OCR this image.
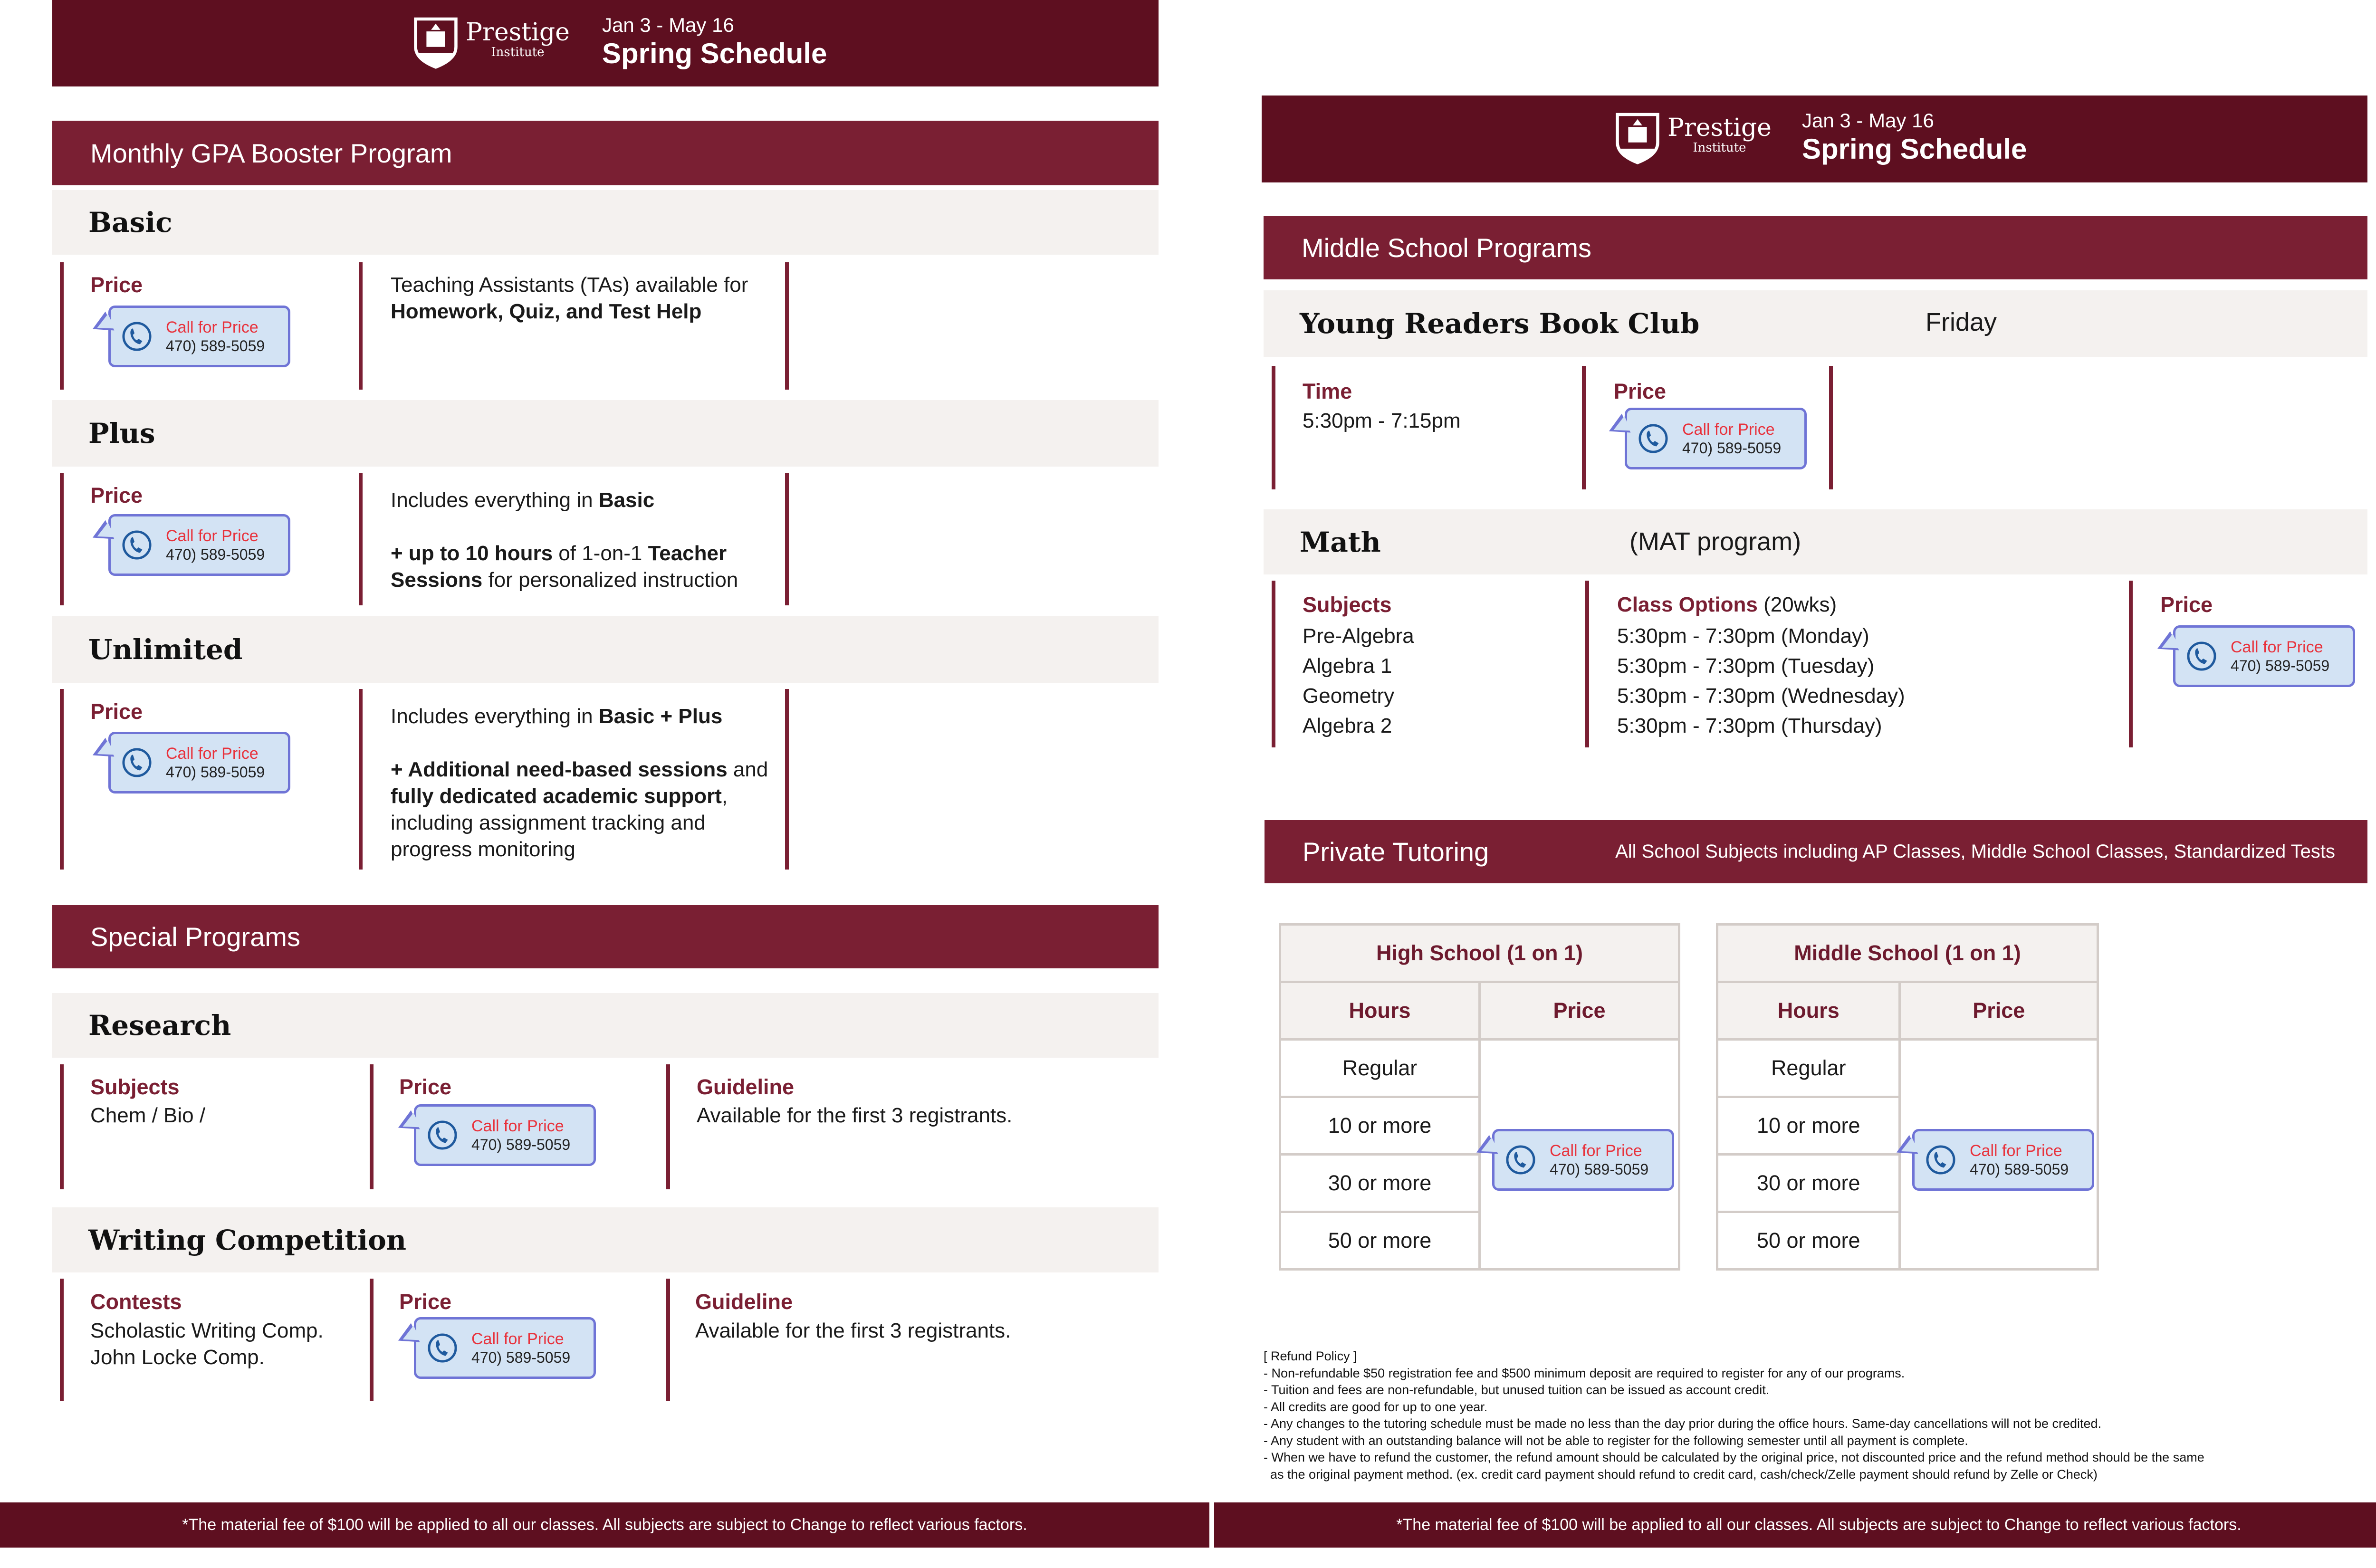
Prestige
Institute
Jan 3 - May 16
Spring Schedule
Monthly GPA Booster Program
Basic
Price
Call for Price
470) 589-5059
Teaching Assistants (TAs) available for
Homework, Quiz, and Test Help
Plus
Price
Call for Price
470) 589-5059
Includes everything in Basic

+ up to 10 hours of 1-on-1 Teacher
Sessions for personalized instruction
Unlimited
Price
Call for Price
470) 589-5059
Includes everything in Basic + Plus

+ Additional need-based sessions and
fully dedicated academic support,
including assignment tracking and
progress monitoring
Special Programs
Research
Subjects
Chem / Bio /
Price
Call for Price
470) 589-5059
Guideline
Available for the first 3 registrants.
Writing Competition
Contests
Scholastic Writing Comp.
John Locke Comp.
Price
Call for Price
470) 589-5059
Guideline
Available for the first 3 registrants.
Prestige
Institute
Jan 3 - May 16
Spring Schedule
Middle School Programs
Young Readers Book Club	Friday
Time
5:30pm - 7:15pm
Price
Call for Price
470) 589-5059
Math	(MAT program)
Subjects
Pre-Algebra
Algebra 1
Geometry
Algebra 2
Class Options (20wks)
5:30pm - 7:30pm (Monday)
5:30pm - 7:30pm (Tuesday)
5:30pm - 7:30pm (Wednesday)
5:30pm - 7:30pm (Thursday)
Price
Call for Price
470) 589-5059
Private Tutoring	All School Subjects including AP Classes, Middle School Classes, Standardized Tests
High School (1 on 1)	
Hours	Price
Regular	
10 or more	
30 or more	
50 or more	
Call for Price
470) 589-5059
Middle School (1 on 1)	
Hours	Price
Regular	
10 or more	
30 or more	
50 or more	
Call for Price
470) 589-5059
[ Refund Policy ]
- Non-refundable $50 registration fee and $500 minimum deposit are required to register for any of our programs.
- Tuition and fees are non-refundable, but unused tuition can be issued as account credit.
- All credits are good for up to one year.
- Any changes to the tutoring schedule must be made no less than the day prior during the office hours. Same-day cancellations will not be credited.
- Any student with an outstanding balance will not be able to register for the following semester until all payment is complete.
- When we have to refund the customer, the refund amount should be calculated by the original price, not discounted price and the refund method should be the same
as the original payment method. (ex. credit card payment should refund to credit card, cash/check/Zelle payment should refund by Zelle or Check)
*The material fee of $100 will be applied to all our classes. All subjects are subject to Change to reflect various factors.	*The material fee of $100 will be applied to all our classes. All subjects are subject to Change to reflect various factors.
